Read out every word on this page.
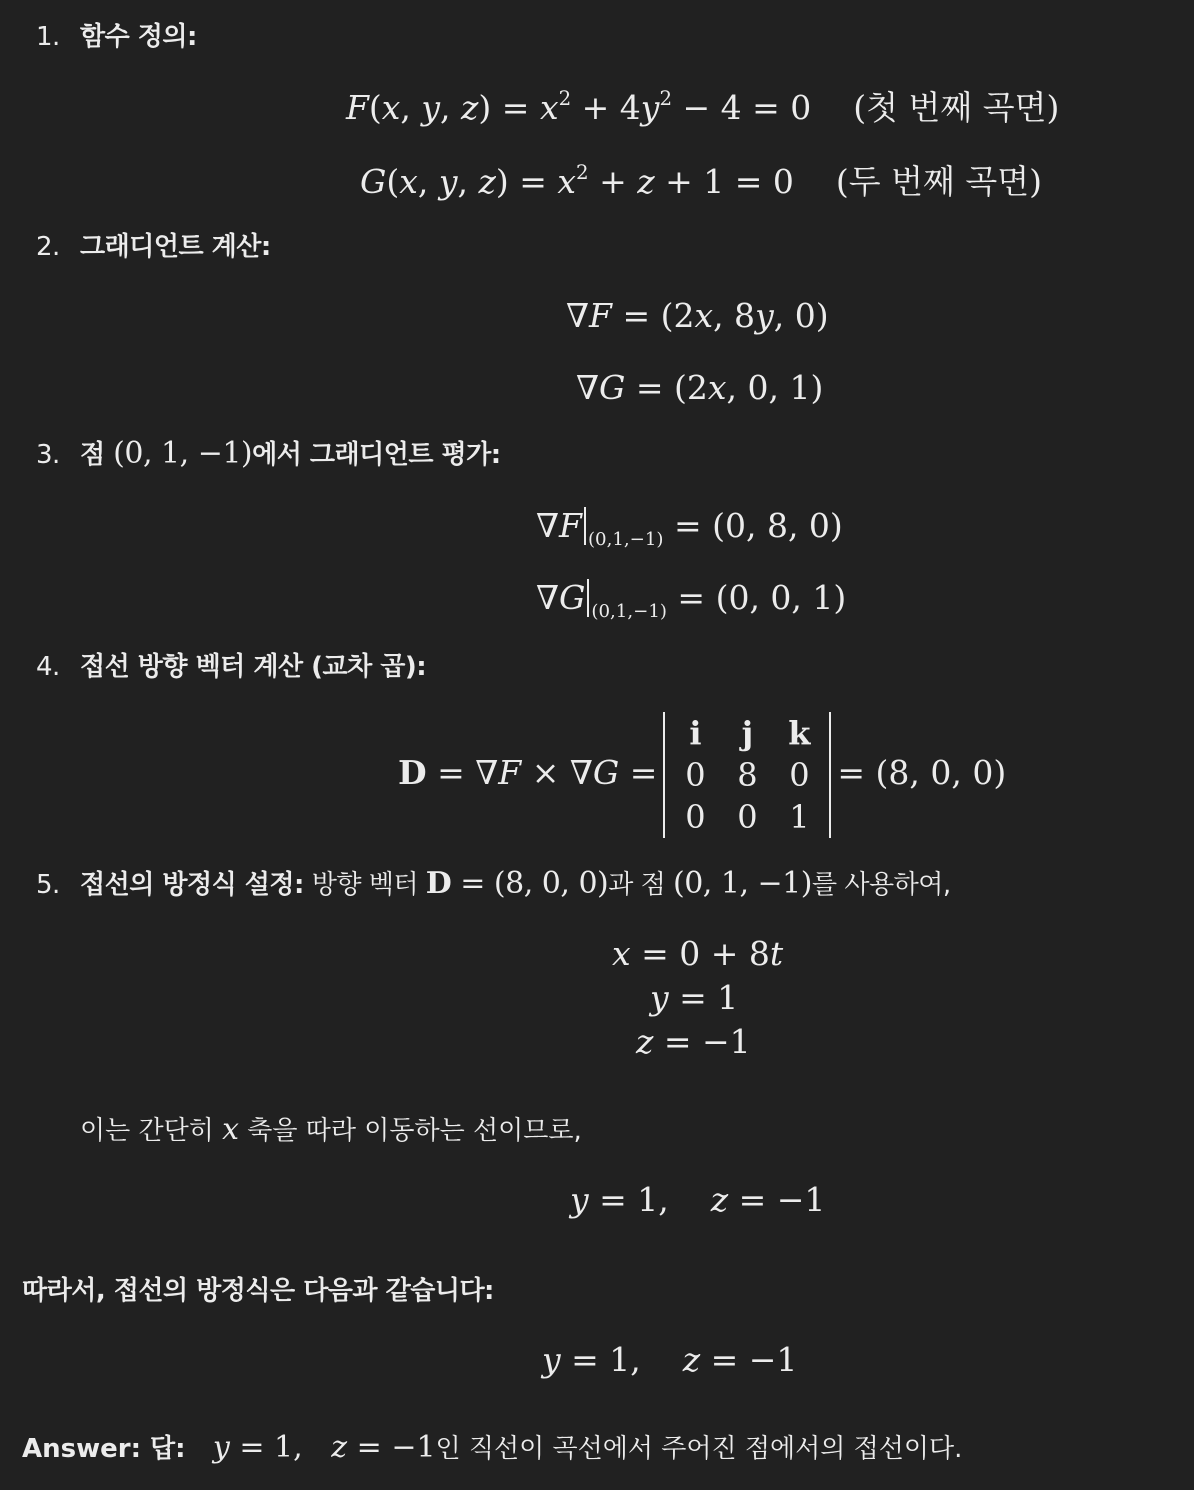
1. 함수 정의:
F(x, y, $z) = x^2 + 4y^2 - 4 = 0$    (첫 번째 곡면)
G(x, y, $z) = x^2 + z + 1 = 0$    (두 번째 곡면)
2. 그래디언트 계산:
∇F = (2x, 8y, 0)
∇G = (2x, 0, 1)
3. 점 (0, 1, −1)에서 그래디언트 평가:
∇F $_{(0,1,-1)}$ = (0, 8, 0)
∇G $_{(0,1,-1)}$ = (0, 0, 1)
4. 접선 방향 벡터 계산 (교차 곱):
D = ∇F × ∇G =
i	j	k
0	8	0
0	0	1
= (8, 0, 0)
5. 접선의 방정식 설정: 방향 벡터 D = (8, 0, 0)과 점 (0, 1, −1)를 사용하여,
x = 0 + 8t
y = 1
z = −1
이는 간단히 x 축을 따라 이동하는 선이므로,
y = 1,    z = −1
따라서, 접선의 방정식은 다음과 같습니다:
y = 1,    z = −1
Answer: 답: y = 1,   z = −1인 직선이 곡선에서 주어진 점에서의 접선이다.
